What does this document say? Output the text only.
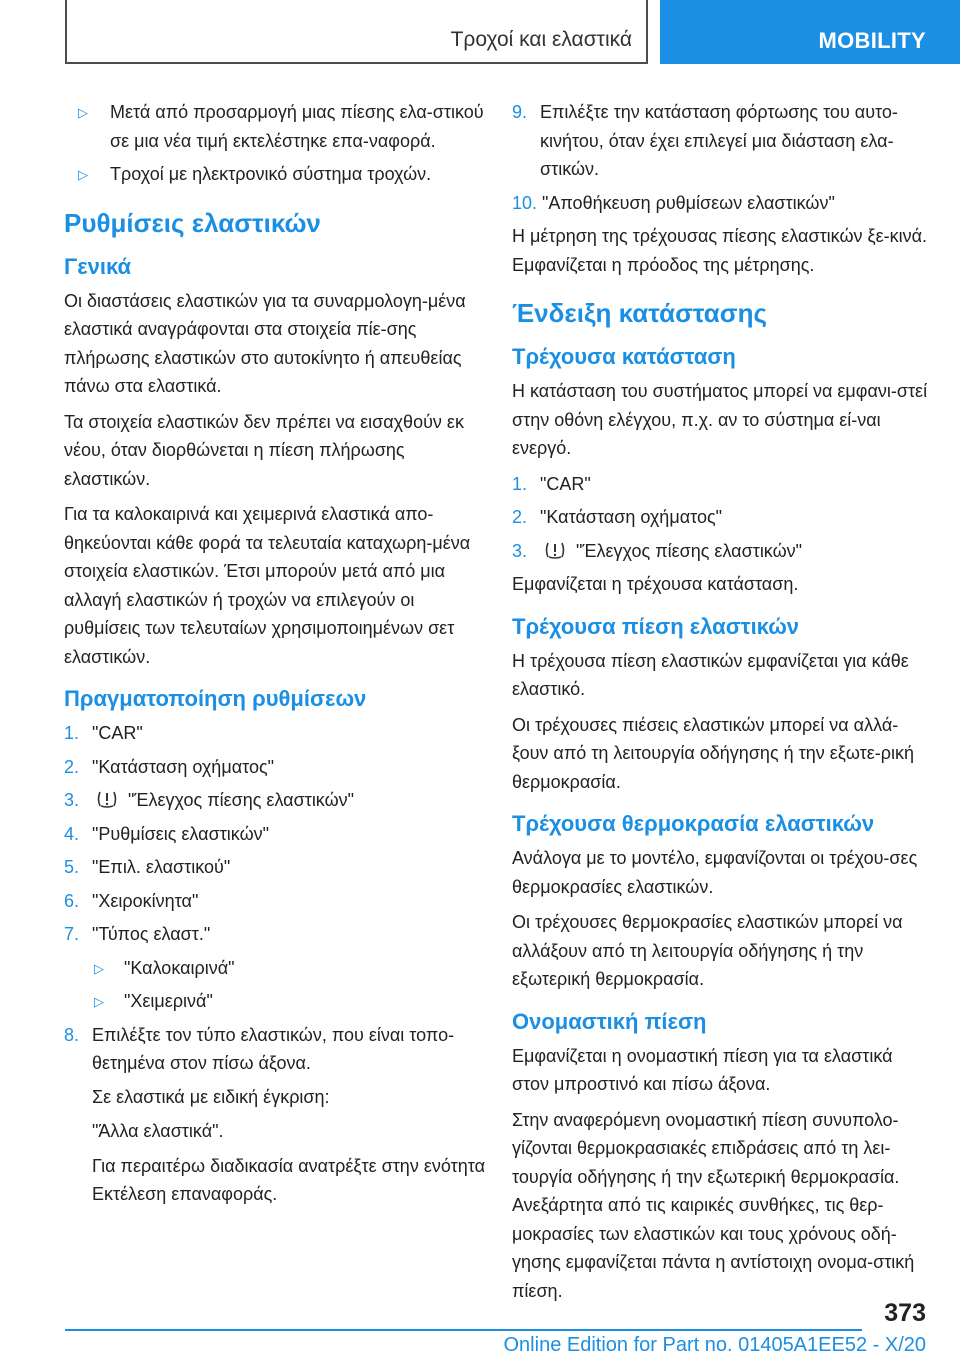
Τροχοί και ελαστικά	MOBILITY
▷ Μετά από προσαρμογή μιας πίεσης ελα-στικού σε μια νέα τιμή εκτελέστηκε επα-ναφορά.
▷ Τροχοί με ηλεκτρονικό σύστημα τροχών.
Ρυθμίσεις ελαστικών
Γενικά

Οι διαστάσεις ελαστικών για τα συναρμολογη-μένα ελαστικά αναγράφονται στα στοιχεία πίε-σης πλήρωσης ελαστικών στο αυτοκίνητο ή απευθείας πάνω στα ελαστικά.

Τα στοιχεία ελαστικών δεν πρέπει να εισαχθούν εκ νέου, όταν διορθώνεται η πίεση πλήρωσης ελαστικών.

Για τα καλοκαιρινά και χειμερινά ελαστικά απο-θηκεύονται κάθε φορά τα τελευταία καταχωρη-μένα στοιχεία ελαστικών. Έτσι μπορούν μετά από μια αλλαγή ελαστικών ή τροχών να επιλεγούν οι ρυθμίσεις των τελευταίων χρησιμοποιημένων σετ ελαστικών.

Πραγματοποίηση ρυθμίσεων
1. "CAR"
2. "Κατάσταση οχήματος"
3.	"Έλεγχος πίεσης ελαστικών"
4. "Ρυθμίσεις ελαστικών"
5. "Επιλ. ελαστικού"
6. "Χειροκίνητα"
7. "Τύπος ελαστ."
▷ "Καλοκαιρινά"
▷ "Χειμερινά"
8. Επιλέξτε τον τύπο ελαστικών, που είναι τοπο-θετημένα στον πίσω άξονα.

Σε ελαστικά με ειδική έγκριση:

"Άλλα ελαστικά".

Για περαιτέρω διαδικασία ανατρέξτε στην ενότητα Εκτέλεση επαναφοράς.

9. Επιλέξτε την κατάσταση φόρτωσης του αυτο-κινήτου, όταν έχει επιλεγεί μια διάσταση ελα-στικών.
10. "Αποθήκευση ρυθμίσεων ελαστικών"

Η μέτρηση της τρέχουσας πίεσης ελαστικών ξε-κινά. Εμφανίζεται η πρόοδος της μέτρησης.

Ένδειξη κατάστασης
Τρέχουσα κατάσταση

Η κατάσταση του συστήματος μπορεί να εμφανι-στεί στην οθόνη ελέγχου, π.χ. αν το σύστημα εί-ναι ενεργό.

1. "CAR"
2. "Κατάσταση οχήματος"
3.	"Έλεγχος πίεσης ελαστικών"

Εμφανίζεται η τρέχουσα κατάσταση.

Τρέχουσα πίεση ελαστικών

Η τρέχουσα πίεση ελαστικών εμφανίζεται για κάθε ελαστικό.

Οι τρέχουσες πιέσεις ελαστικών μπορεί να αλλά-ξουν από τη λειτουργία οδήγησης ή την εξωτε-ρική θερμοκρασία.

Τρέχουσα θερμοκρασία ελαστικών

Ανάλογα με το μοντέλο, εμφανίζονται οι τρέχου-σες θερμοκρασίες ελαστικών.

Οι τρέχουσες θερμοκρασίες ελαστικών μπορεί να αλλάξουν από τη λειτουργία οδήγησης ή την εξωτερική θερμοκρασία.

Ονομαστική πίεση

Εμφανίζεται η ονομαστική πίεση για τα ελαστικά στον μπροστινό και πίσω άξονα.

Στην αναφερόμενη ονομαστική πίεση συνυπολο-γίζονται θερμοκρασιακές επιδράσεις από τη λει-τουργία οδήγησης ή την εξωτερική θερμοκρασία. Ανεξάρτητα από τις καιρικές συνθήκες, τις θερ-μοκρασίες των ελαστικών και τους χρόνους οδή-γησης εμφανίζεται πάντα η αντίστοιχη ονομα-στική πίεση.

373
Online Edition for Part no. 01405A1EE52 - X/20
